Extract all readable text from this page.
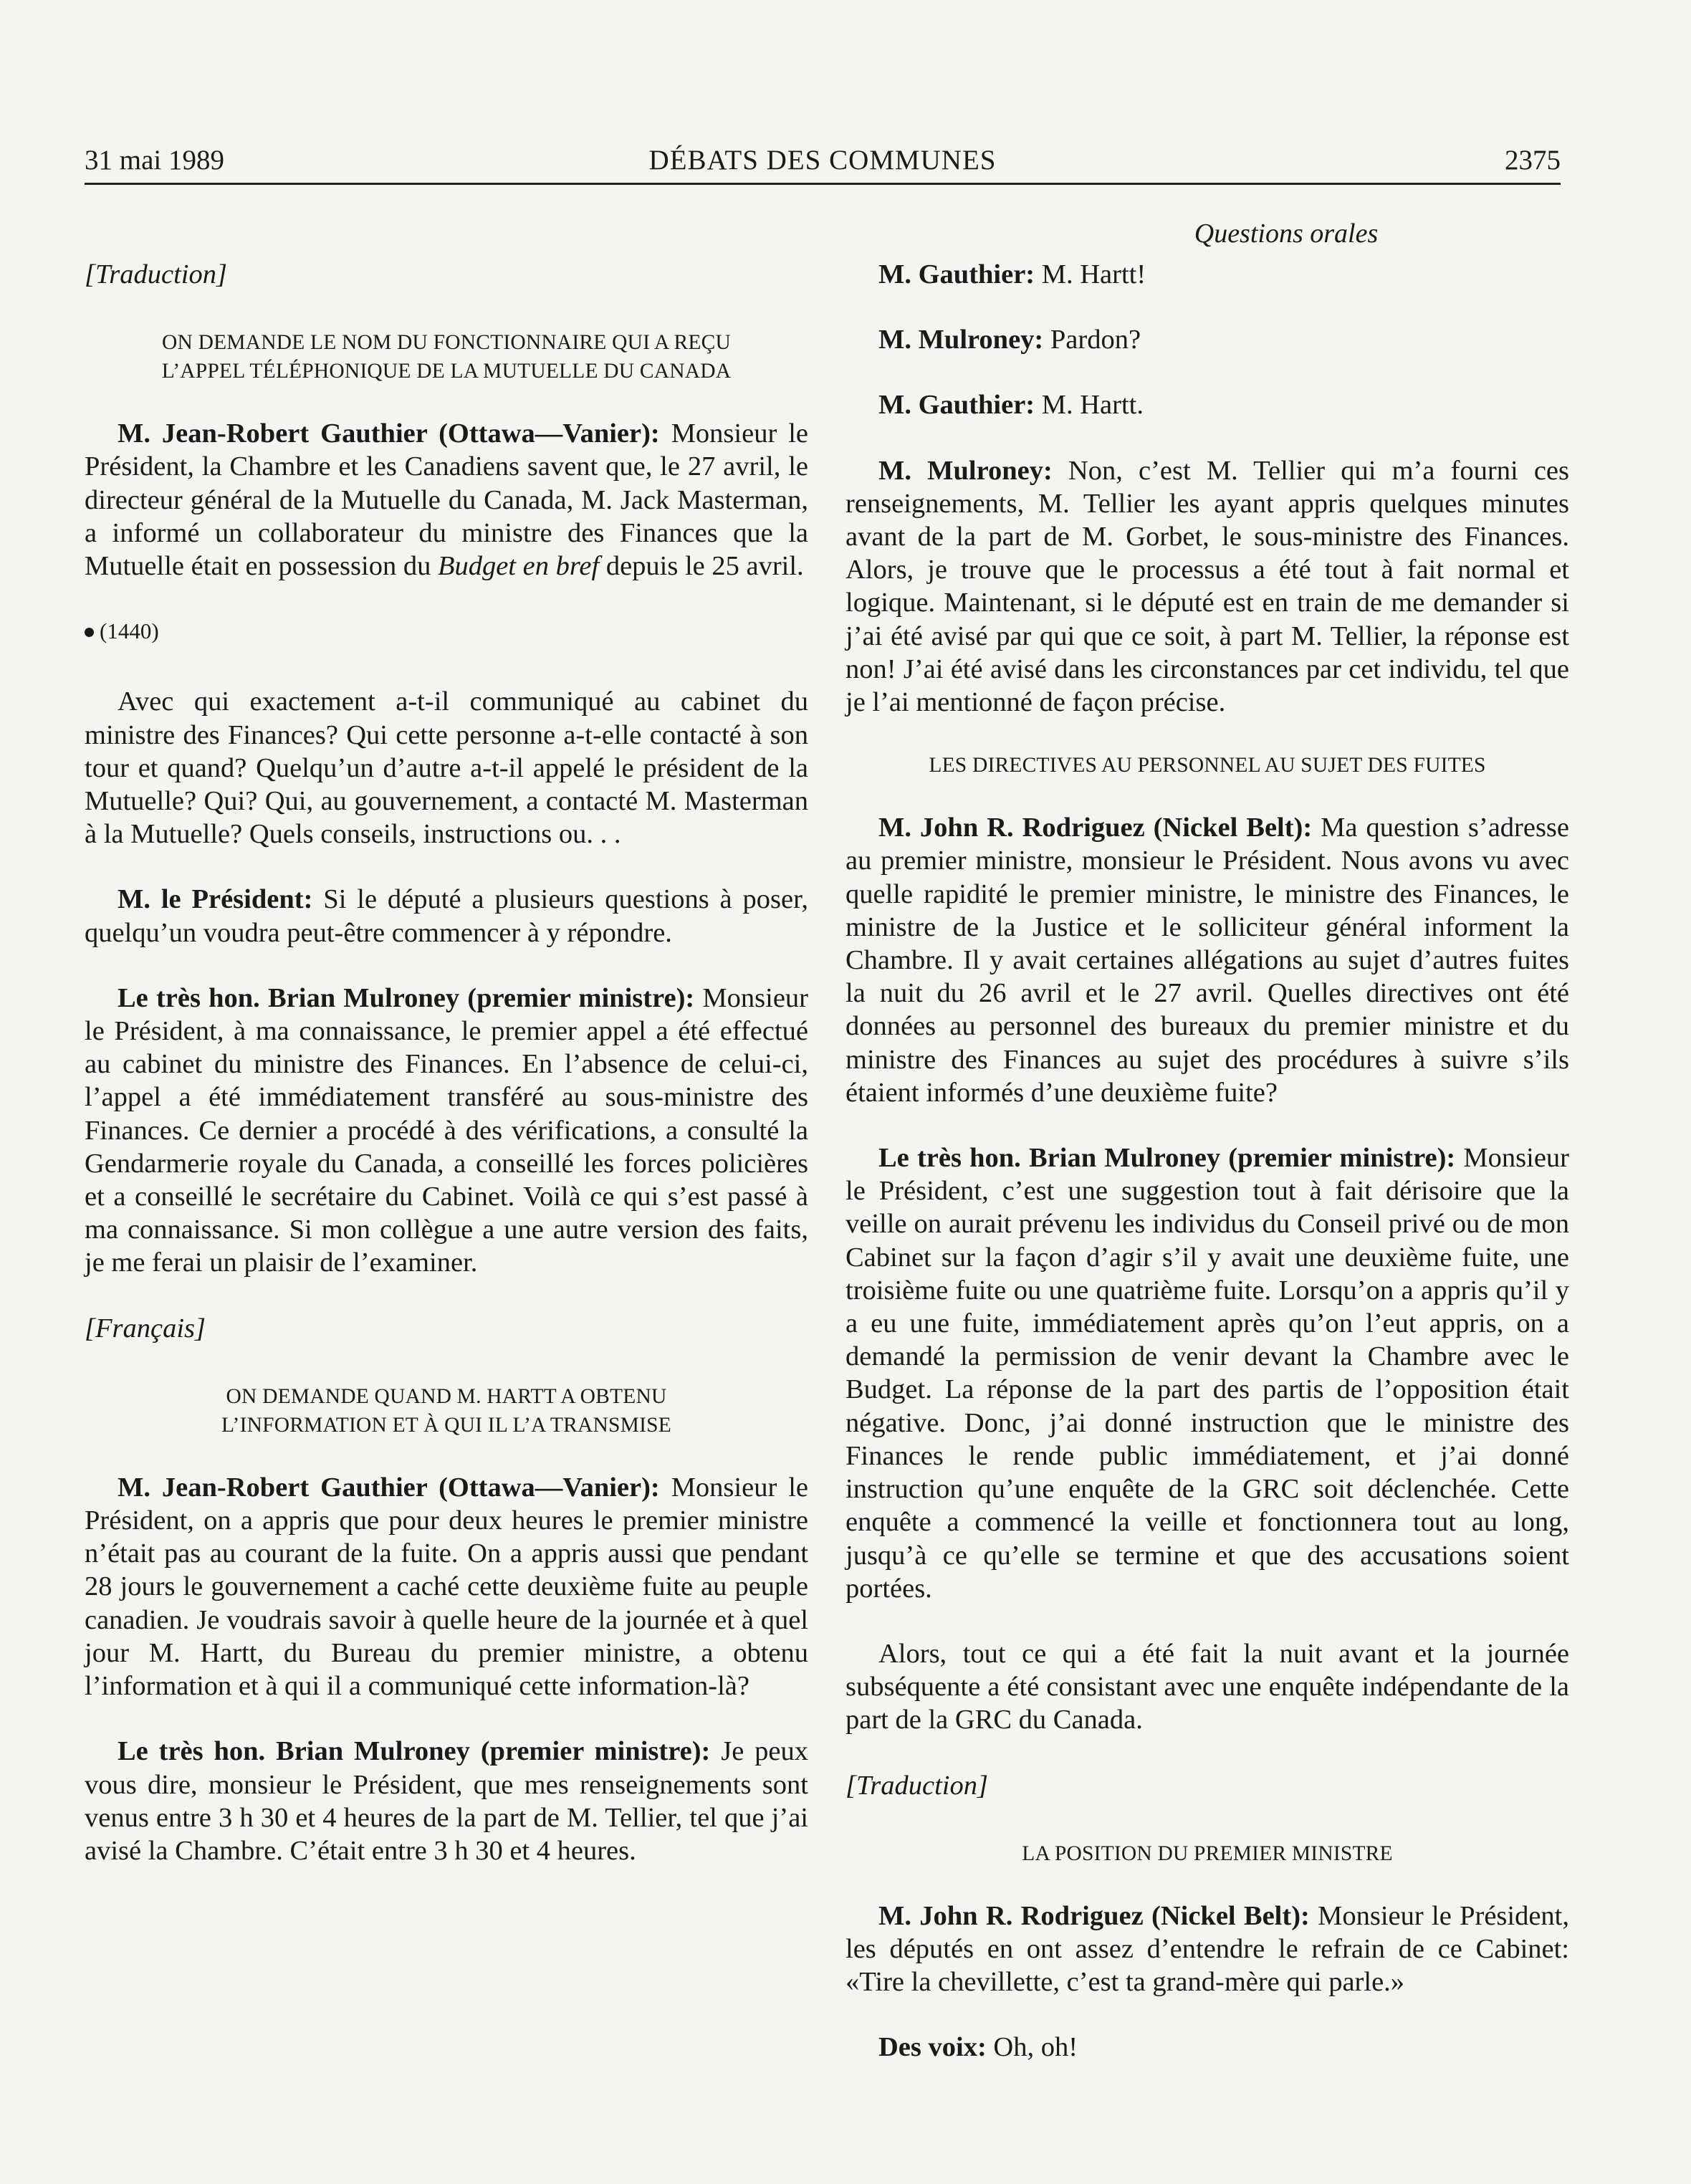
31 mai 1989	DÉBATS DES COMMUNES	2375
Questions orales
[Traduction]
ON DEMANDE LE NOM DU FONCTIONNAIRE QUI A REÇU
L’APPEL TÉLÉPHONIQUE DE LA MUTUELLE DU CANADA

M. Jean-Robert Gauthier (Ottawa—Vanier): Monsieur le Président, la Chambre et les Canadiens savent que, le 27 avril, le directeur général de la Mutuelle du Canada, M. Jack Masterman, a informé un collaborateur du ministre des Finances que la Mutuelle était en possession du Budget en bref depuis le 25 avril.

(1440)

Avec qui exactement a-t-il communiqué au cabinet du ministre des Finances? Qui cette personne a-t-elle contacté à son tour et quand? Quelqu’un d’autre a-t-il appelé le président de la Mutuelle? Qui? Qui, au gouvernement, a contacté M. Masterman à la Mutuelle? Quels conseils, instructions ou. . .

M. le Président: Si le député a plusieurs questions à poser, quelqu’un voudra peut-être commencer à y répondre.

Le très hon. Brian Mulroney (premier ministre): Monsieur le Président, à ma connaissance, le premier appel a été effectué au cabinet du ministre des Finances. En l’absence de celui-ci, l’appel a été immédiatement transféré au sous-ministre des Finances. Ce dernier a procédé à des vérifications, a consulté la Gendarmerie royale du Canada, a conseillé les forces policières et a conseillé le secrétaire du Cabinet. Voilà ce qui s’est passé à ma connaissance. Si mon collègue a une autre version des faits, je me ferai un plaisir de l’examiner.

[Français]
ON DEMANDE QUAND M. HARTT A OBTENU
L’INFORMATION ET À QUI IL L’A TRANSMISE

M. Jean-Robert Gauthier (Ottawa—Vanier): Monsieur le Président, on a appris que pour deux heures le premier ministre n’était pas au courant de la fuite. On a appris aussi que pendant 28 jours le gouvernement a caché cette deuxième fuite au peuple canadien. Je voudrais savoir à quelle heure de la journée et à quel jour M. Hartt, du Bureau du premier ministre, a obtenu l’information et à qui il a communiqué cette information-là?

Le très hon. Brian Mulroney (premier ministre): Je peux vous dire, monsieur le Président, que mes renseignements sont venus entre 3 h 30 et 4 heures de la part de M. Tellier, tel que j’ai avisé la Chambre. C’était entre 3 h 30 et 4 heures.

M. Gauthier: M. Hartt!

M. Mulroney: Pardon?

M. Gauthier: M. Hartt.

M. Mulroney: Non, c’est M. Tellier qui m’a fourni ces renseignements, M. Tellier les ayant appris quelques minutes avant de la part de M. Gorbet, le sous-ministre des Finances. Alors, je trouve que le processus a été tout à fait normal et logique. Maintenant, si le député est en train de me demander si j’ai été avisé par qui que ce soit, à part M. Tellier, la réponse est non! J’ai été avisé dans les circonstances par cet individu, tel que je l’ai mentionné de façon précise.

LES DIRECTIVES AU PERSONNEL AU SUJET DES FUITES

M. John R. Rodriguez (Nickel Belt): Ma question s’adresse au premier ministre, monsieur le Président. Nous avons vu avec quelle rapidité le premier ministre, le ministre des Finances, le ministre de la Justice et le solliciteur général informent la Chambre. Il y avait certaines allégations au sujet d’autres fuites la nuit du 26 avril et le 27 avril. Quelles directives ont été données au personnel des bureaux du premier ministre et du ministre des Finances au sujet des procédures à suivre s’ils étaient informés d’une deuxième fuite?

Le très hon. Brian Mulroney (premier ministre): Monsieur le Président, c’est une suggestion tout à fait dérisoire que la veille on aurait prévenu les individus du Conseil privé ou de mon Cabinet sur la façon d’agir s’il y avait une deuxième fuite, une troisième fuite ou une quatrième fuite. Lorsqu’on a appris qu’il y a eu une fuite, immédiatement après qu’on l’eut appris, on a demandé la permission de venir devant la Chambre avec le Budget. La réponse de la part des partis de l’opposition était négative. Donc, j’ai donné instruction que le ministre des Finances le rende public immédiatement, et j’ai donné instruction qu’une enquête de la GRC soit déclenchée. Cette enquête a commencé la veille et fonctionnera tout au long, jusqu’à ce qu’elle se termine et que des accusations soient portées.

Alors, tout ce qui a été fait la nuit avant et la journée subséquente a été consistant avec une enquête indépendante de la part de la GRC du Canada.

[Traduction]
LA POSITION DU PREMIER MINISTRE

M. John R. Rodriguez (Nickel Belt): Monsieur le Président, les députés en ont assez d’entendre le refrain de ce Cabinet: «Tire la chevillette, c’est ta grand-mère qui parle.»

Des voix: Oh, oh!
